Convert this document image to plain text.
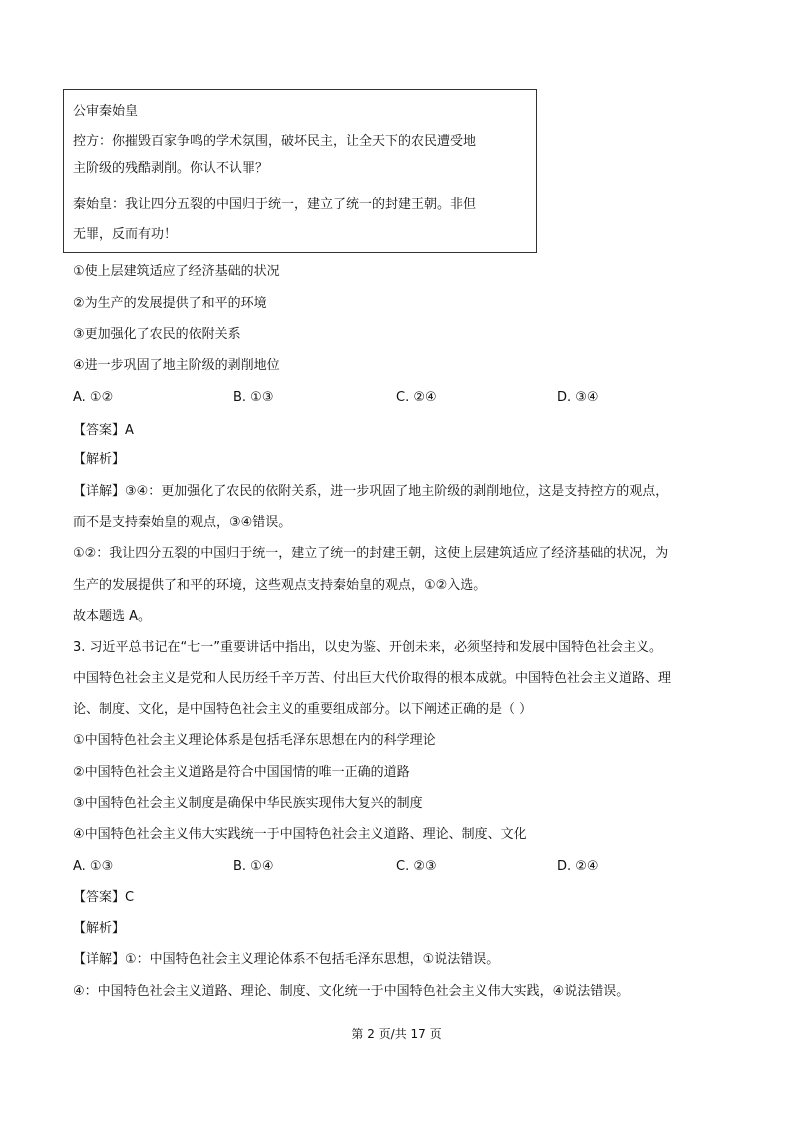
公审秦始皇
控方：你摧毁百家争鸣的学术氛围，破坏民主，让全天下的农民遭受地
主阶级的残酷剥削。你认不认罪？
秦始皇：我让四分五裂的中国归于统一，建立了统一的封建王朝。非但
无罪，反而有功！
①使上层建筑适应了经济基础的状况
②为生产的发展提供了和平的环境
③更加强化了农民的依附关系
④进一步巩固了地主阶级的剥削地位
A. ①②	B. ①③	C. ②④	D. ③④
【答案】A
【解析】
【详解】③④：更加强化了农民的依附关系，进一步巩固了地主阶级的剥削地位，这是支持控方的观点，
而不是支持秦始皇的观点，③④错误。
①②：我让四分五裂的中国归于统一，建立了统一的封建王朝，这使上层建筑适应了经济基础的状况，为
生产的发展提供了和平的环境，这些观点支持秦始皇的观点，①②入选。
故本题选 A。
3. 习近平总书记在“七一”重要讲话中指出，以史为鉴、开创未来，必须坚持和发展中国特色社会主义。
中国特色社会主义是党和人民历经千辛万苦、付出巨大代价取得的根本成就。中国特色社会主义道路、理
论、制度、文化，是中国特色社会主义的重要组成部分。以下阐述正确的是（ ）
①中国特色社会主义理论体系是包括毛泽东思想在内的科学理论
②中国特色社会主义道路是符合中国国情的唯一正确的道路
③中国特色社会主义制度是确保中华民族实现伟大复兴的制度
④中国特色社会主义伟大实践统一于中国特色社会主义道路、理论、制度、文化
A. ①③	B. ①④	C. ②③	D. ②④
【答案】C
【解析】
【详解】①：中国特色社会主义理论体系不包括毛泽东思想，①说法错误。
④：中国特色社会主义道路、理论、制度、文化统一于中国特色社会主义伟大实践，④说法错误。
第 2 页/共 17 页
